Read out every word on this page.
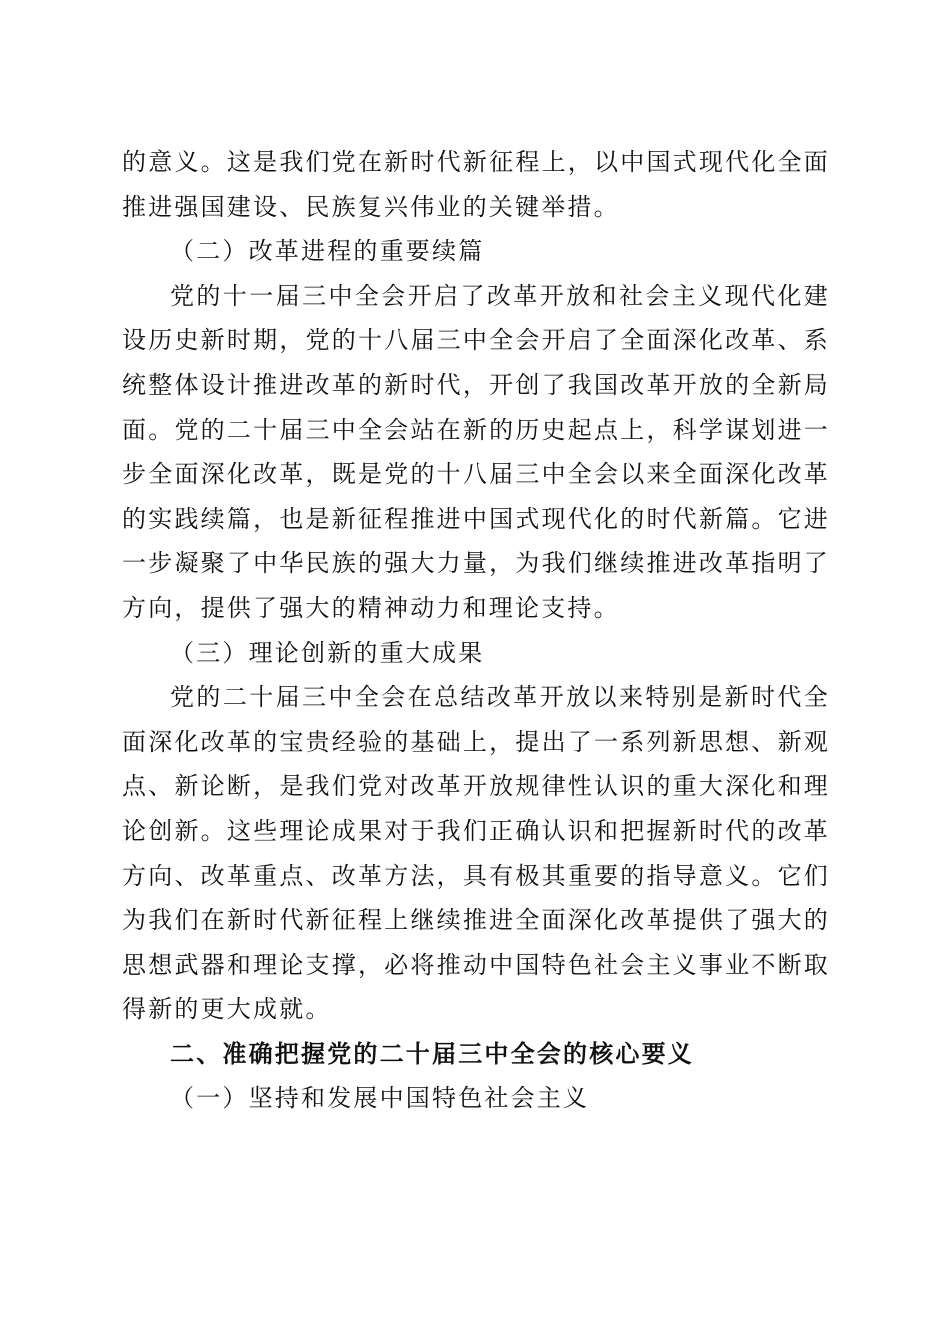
的意义。这是我们党在新时代新征程上，以中国式现代化全面推进强国建设、民族复兴伟业的关键举措。

（二）改革进程的重要续篇

党的十一届三中全会开启了改革开放和社会主义现代化建设历史新时期，党的十八届三中全会开启了全面深化改革、系统整体设计推进改革的新时代，开创了我国改革开放的全新局面。党的二十届三中全会站在新的历史起点上，科学谋划进一步全面深化改革，既是党的十八届三中全会以来全面深化改革的实践续篇，也是新征程推进中国式现代化的时代新篇。它进一步凝聚了中华民族的强大力量，为我们继续推进改革指明了方向，提供了强大的精神动力和理论支持。

（三）理论创新的重大成果

党的二十届三中全会在总结改革开放以来特别是新时代全面深化改革的宝贵经验的基础上，提出了一系列新思想、新观点、新论断，是我们党对改革开放规律性认识的重大深化和理论创新。这些理论成果对于我们正确认识和把握新时代的改革方向、改革重点、改革方法，具有极其重要的指导意义。它们为我们在新时代新征程上继续推进全面深化改革提供了强大的思想武器和理论支撑，必将推动中国特色社会主义事业不断取得新的更大成就。

二、准确把握党的二十届三中全会的核心要义

（一）坚持和发展中国特色社会主义
